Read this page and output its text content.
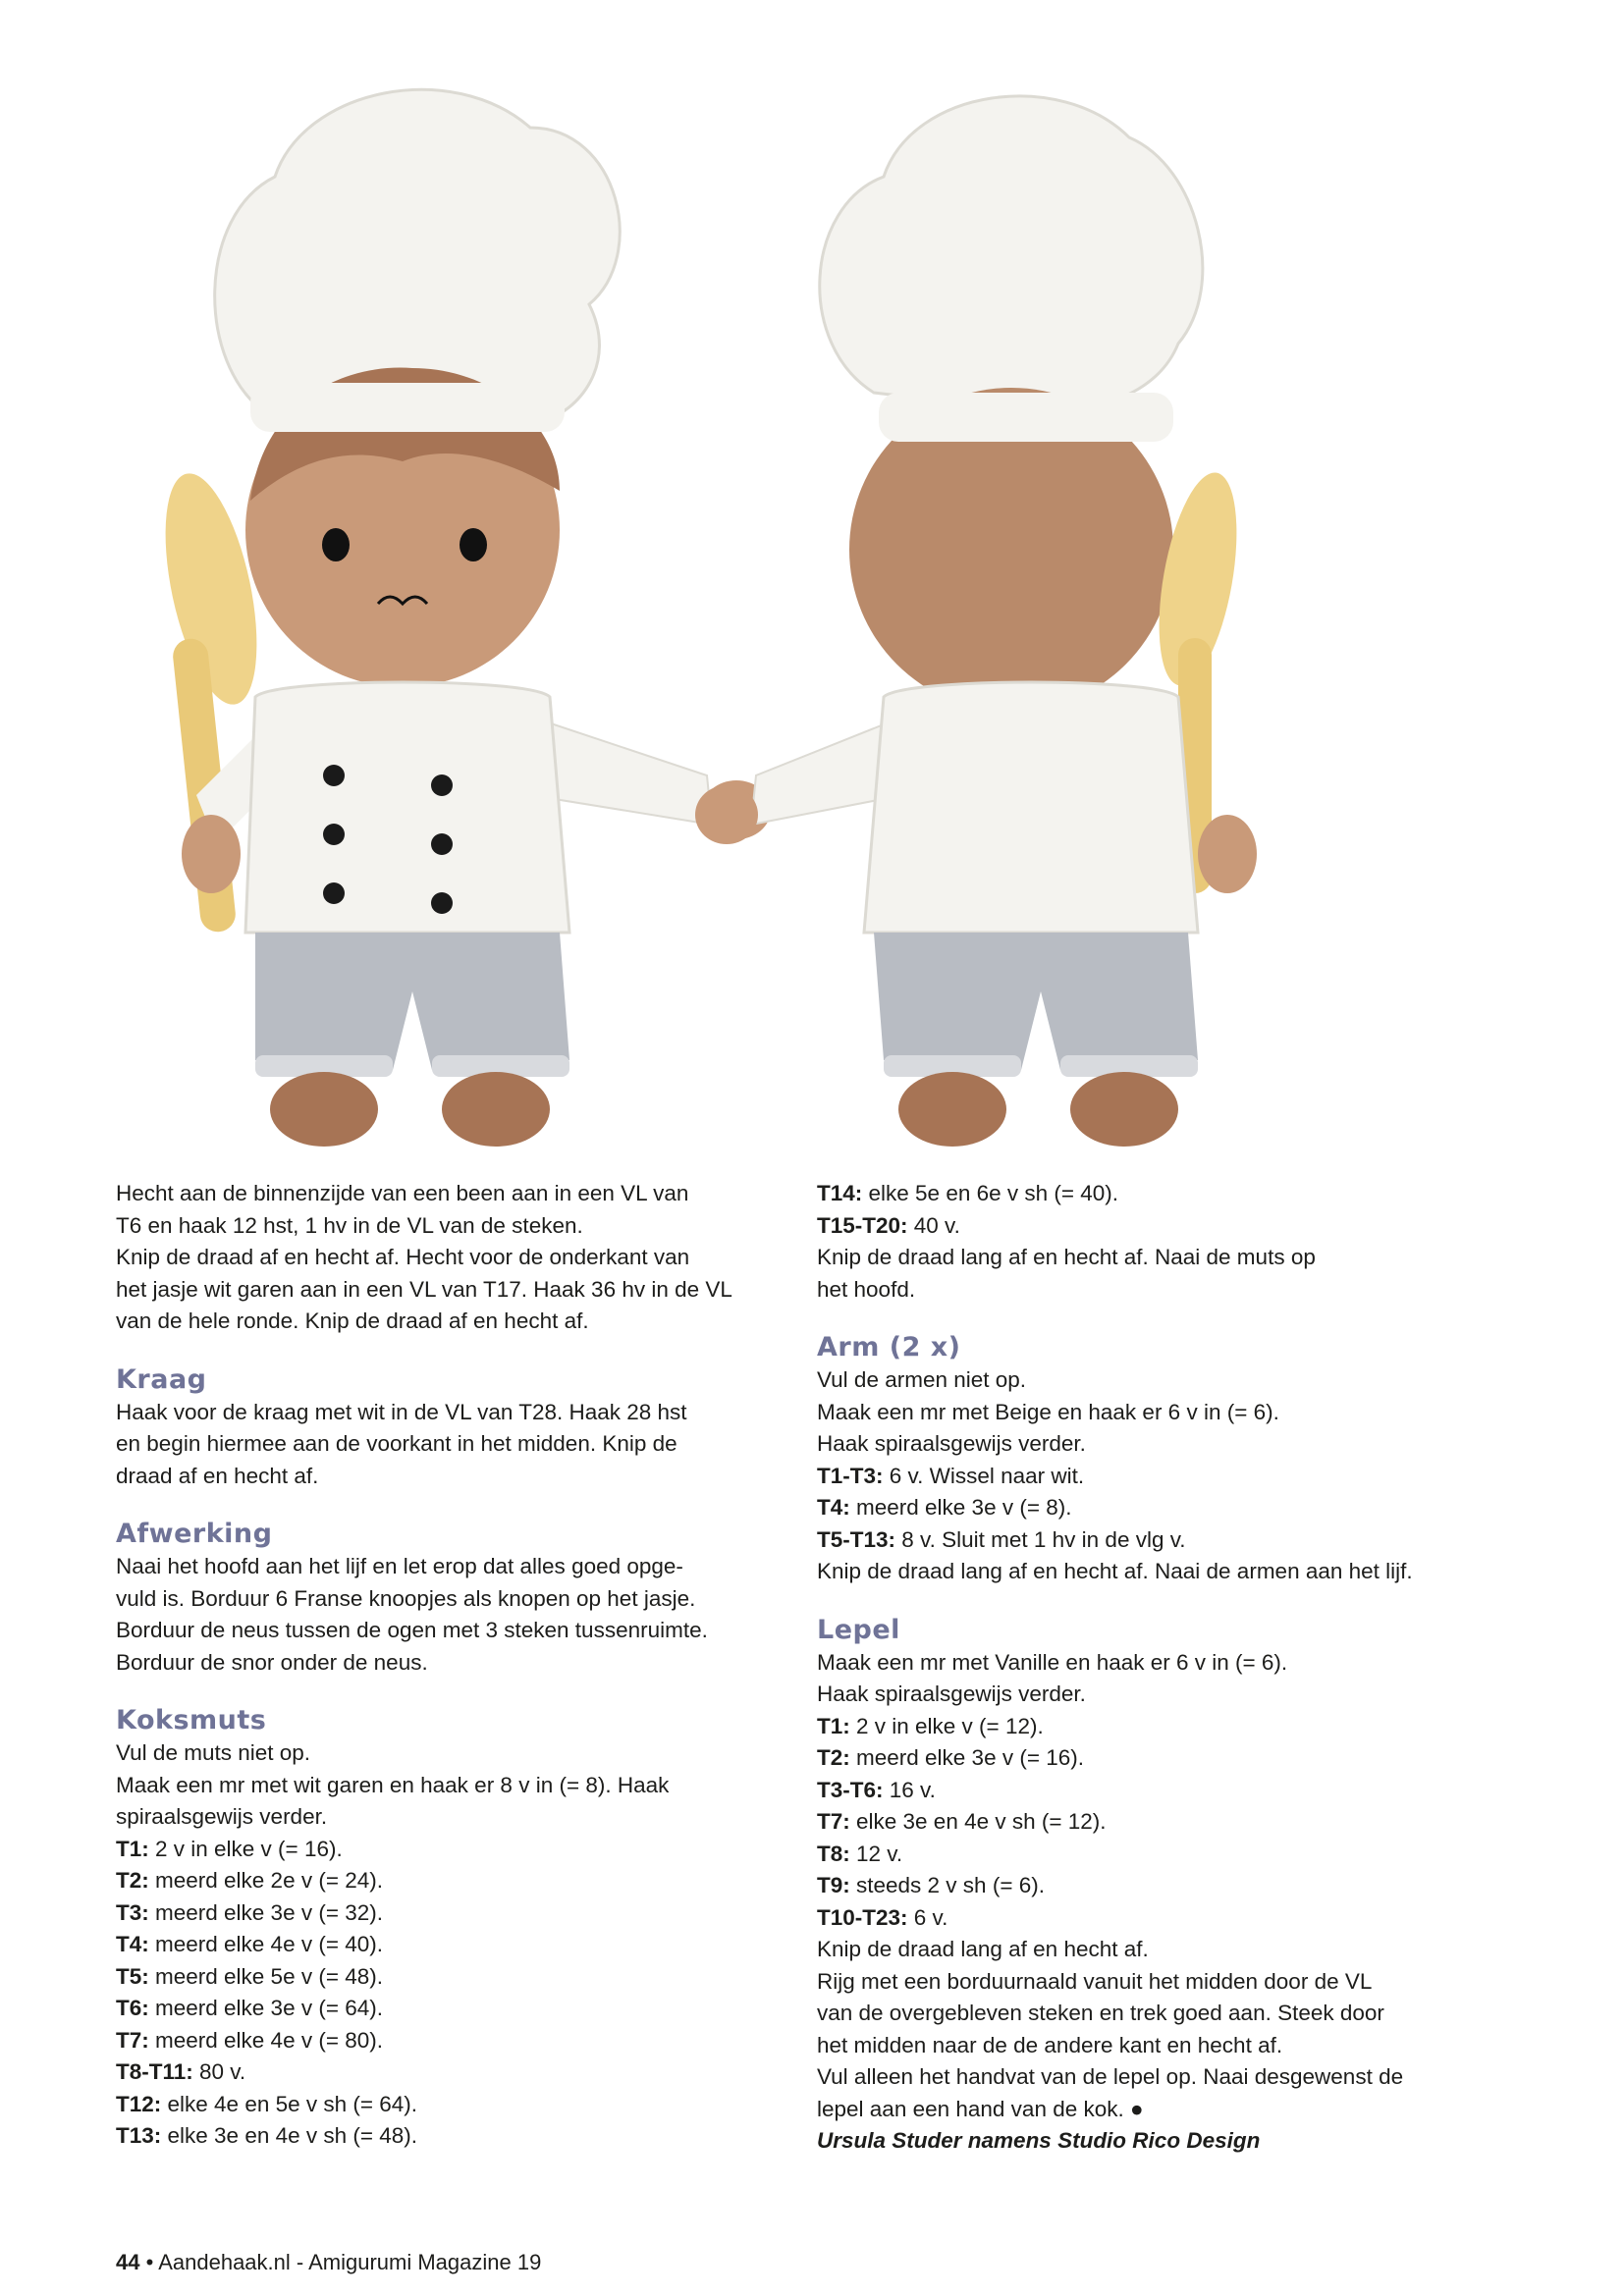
Hecht aan de binnenzijde van een been aan in een VL van

T6 en haak 12 hst, 1 hv in de VL van de steken.

Knip de draad af en hecht af. Hecht voor de onderkant van

het jasje wit garen aan in een VL van T17. Haak 36 hv in de VL

van de hele ronde. Knip de draad af en hecht af.

Kraag

Haak voor de kraag met wit in de VL van T28. Haak 28 hst

en begin hiermee aan de voorkant in het midden. Knip de

draad af en hecht af.

Afwerking

Naai het hoofd aan het lijf en let erop dat alles goed opge-

vuld is. Borduur 6 Franse knoopjes als knopen op het jasje.

Borduur de neus tussen de ogen met 3 steken tussenruimte.

Borduur de snor onder de neus.

Koksmuts

Vul de muts niet op.

Maak een mr met wit garen en haak er 8 v in (= 8). Haak

spiraalsgewijs verder.

T1: 2 v in elke v (= 16).

T2: meerd elke 2e v (= 24).

T3: meerd elke 3e v (= 32).

T4: meerd elke 4e v (= 40).

T5: meerd elke 5e v (= 48).

T6: meerd elke 3e v (= 64).

T7: meerd elke 4e v (= 80).

T8-T11: 80 v.

T12: elke 4e en 5e v sh (= 64).

T13: elke 3e en 4e v sh (= 48).

T14: elke 5e en 6e v sh (= 40).

T15-T20: 40 v.

Knip de draad lang af en hecht af. Naai de muts op

het hoofd.

Arm (2 x)

Vul de armen niet op.

Maak een mr met Beige en haak er 6 v in (= 6).

Haak spiraalsgewijs verder.

T1-T3: 6 v. Wissel naar wit.

T4: meerd elke 3e v (= 8).

T5-T13: 8 v. Sluit met 1 hv in de vlg v.

Knip de draad lang af en hecht af. Naai de armen aan het lijf.

Lepel

Maak een mr met Vanille en haak er 6 v in (= 6).

Haak spiraalsgewijs verder.

T1: 2 v in elke v (= 12).

T2: meerd elke 3e v (= 16).

T3-T6: 16 v.

T7: elke 3e en 4e v sh (= 12).

T8: 12 v.

T9: steeds 2 v sh (= 6).

T10-T23: 6 v.

Knip de draad lang af en hecht af.

Rijg met een borduurnaald vanuit het midden door de VL

van de overgebleven steken en trek goed aan. Steek door

het midden naar de de andere kant en hecht af.

Vul alleen het handvat van de lepel op. Naai desgewenst de

lepel aan een hand van de kok. ●

Ursula Studer namens Studio Rico Design

44 • Aandehaak.nl - Amigurumi Magazine 19
